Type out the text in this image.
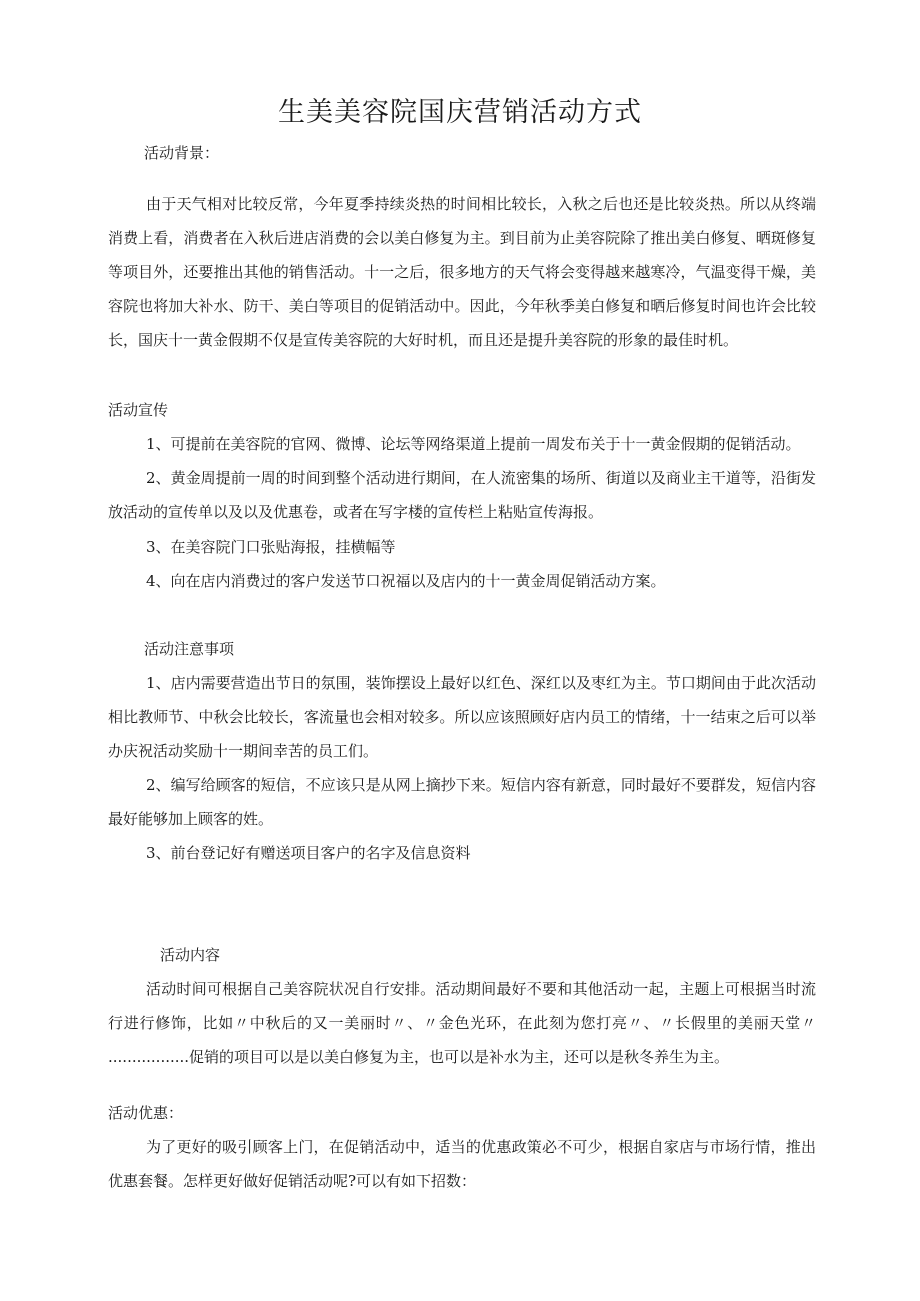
生美美容院国庆营销活动方式

活动背景：

由于天气相对比较反常，今年夏季持续炎热的时间相比较长，入秋之后也还是比较炎热。所以从终端消费上看，消费者在入秋后进店消费的会以美白修复为主。到目前为止美容院除了推出美白修复、晒斑修复等项目外，还要推出其他的销售活动。十一之后，很多地方的天气将会变得越来越寒冷，气温变得干燥，美容院也将加大补水、防干、美白等项目的促销活动中。因此，今年秋季美白修复和晒后修复时间也许会比较长，国庆十一黄金假期不仅是宣传美容院的大好时机，而且还是提升美容院的形象的最佳时机。

活动宣传

1、可提前在美容院的官网、微博、论坛等网络渠道上提前一周发布关于十一黄金假期的促销活动。

2、黄金周提前一周的时间到整个活动进行期间，在人流密集的场所、街道以及商业主干道等，沿街发放活动的宣传单以及以及优惠卷，或者在写字楼的宣传栏上粘贴宣传海报。

3、在美容院门口张贴海报，挂横幅等

4、向在店内消费过的客户发送节口祝福以及店内的十一黄金周促销活动方案。

活动注意事项

1、店内需要营造出节日的氛围，装饰摆设上最好以红色、深红以及枣红为主。节口期间由于此次活动相比教师节、中秋会比较长，客流量也会相对较多。所以应该照顾好店内员工的情绪，十一结束之后可以举办庆祝活动奖励十一期间幸苦的员工们。

2、编写给顾客的短信，不应该只是从网上摘抄下来。短信内容有新意，同时最好不要群发，短信内容最好能够加上顾客的姓。

3、前台登记好有赠送项目客户的名字及信息资料

活动内容

活动时间可根据自己美容院状况自行安排。活动期间最好不要和其他活动一起，主题上可根据当时流行进行修饰，比如〃中秋后的又一美丽时〃、〃金色光环，在此刻为您打亮〃、〃长假里的美丽天堂〃 .................促销的项目可以是以美白修复为主，也可以是补水为主，还可以是秋冬养生为主。

活动优惠：

为了更好的吸引顾客上门，在促销活动中，适当的优惠政策必不可少，根据自家店与市场行情，推出优惠套餐。怎样更好做好促销活动呢?可以有如下招数：
